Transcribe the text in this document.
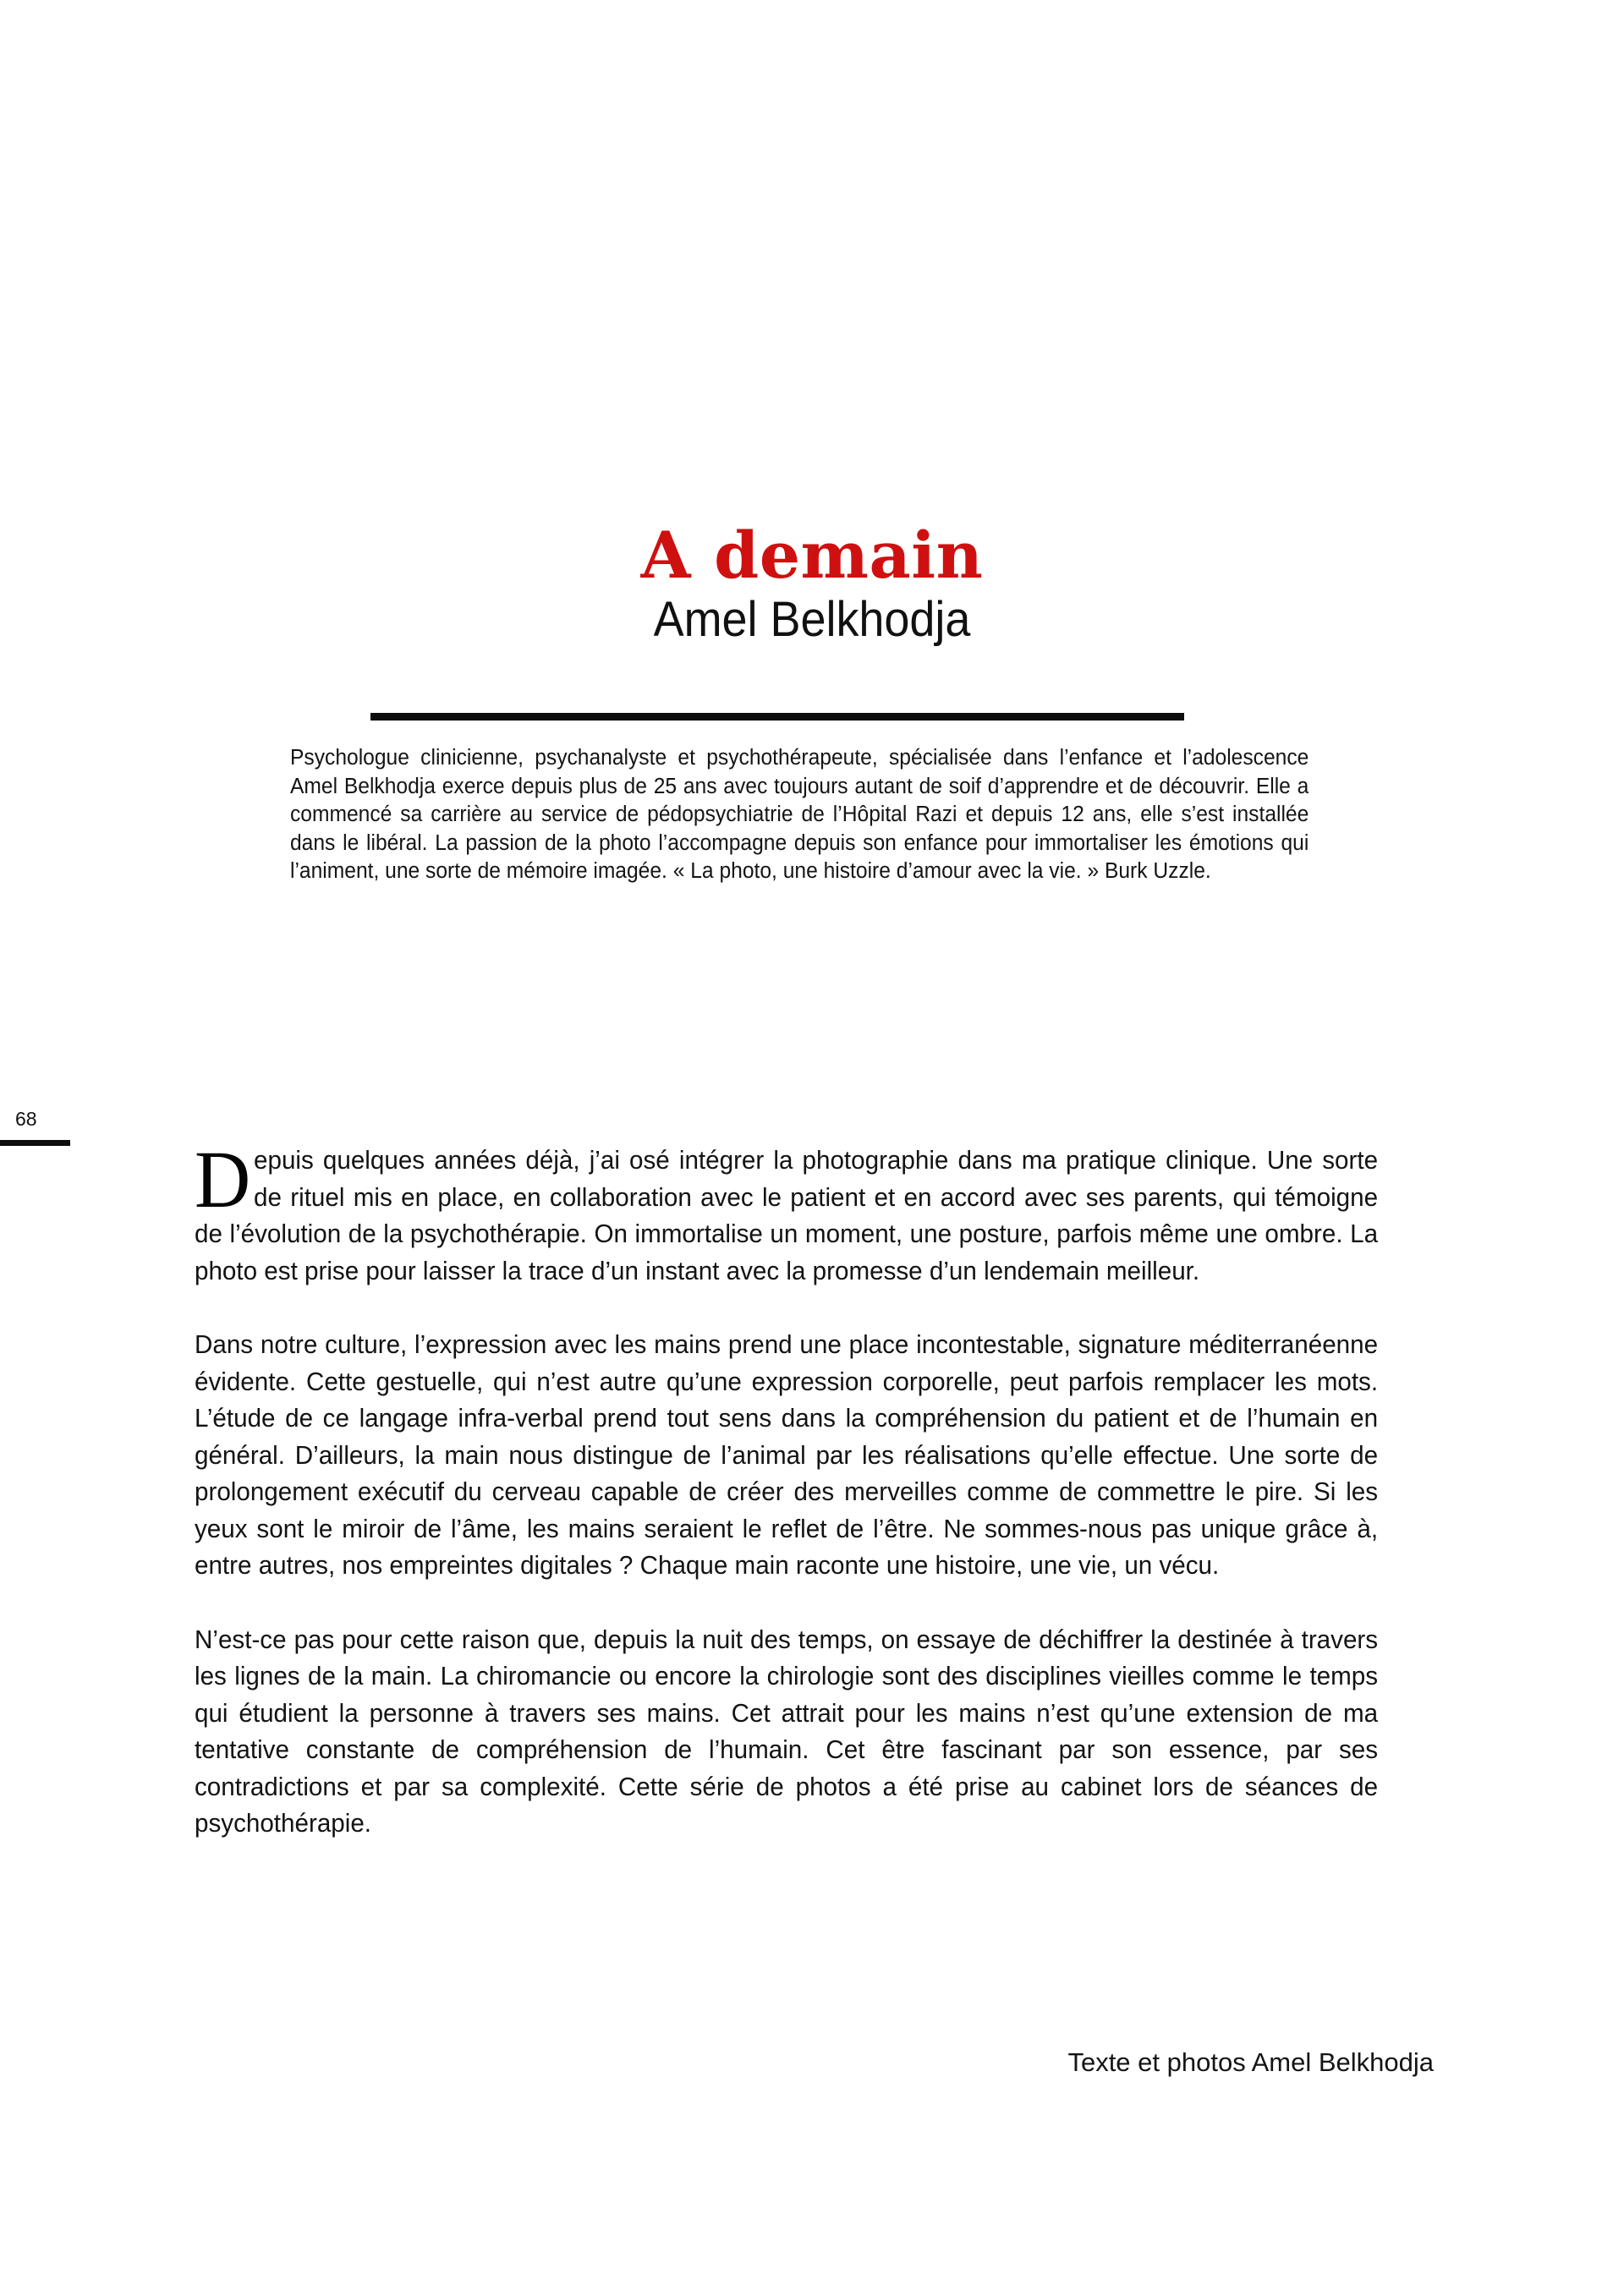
A demain
Amel Belkhodja

Psychologue clinicienne, psychanalyste et psychothérapeute, spécialisée dans l’enfance et l’adolescence Amel Belkhodja exerce depuis plus de 25 ans avec toujours autant de soif d’apprendre et de découvrir. Elle a commencé sa carrière au service de pédopsychiatrie de l’Hôpital Razi et depuis 12 ans, elle s’est installée dans le libéral. La passion de la photo l’accompagne depuis son enfance pour immortaliser les émotions qui l’animent, une sorte de mémoire imagée. « La photo, une histoire d’amour avec la vie. » Burk Uzzle.

68

Depuis quelques années déjà, j’ai osé intégrer la photographie dans ma pratique clinique. Une sorte de rituel mis en place, en collaboration avec le patient et en accord avec ses parents, qui témoigne de l’évolution de la psychothérapie. On immortalise un moment, une posture, parfois même une ombre. La photo est prise pour laisser la trace d’un instant avec la promesse d’un lendemain meilleur.

Dans notre culture, l’expression avec les mains prend une place incontestable, signature méditerranéenne évidente. Cette gestuelle, qui n’est autre qu’une expression corporelle, peut parfois remplacer les mots. L’étude de ce langage infra-verbal prend tout sens dans la compréhension du patient et de l’humain en général. D’ailleurs, la main nous distingue de l’animal par les réalisations qu’elle effectue. Une sorte de prolongement exécutif du cerveau capable de créer des merveilles comme de commettre le pire. Si les yeux sont le miroir de l’âme, les mains seraient le reflet de l’être. Ne sommes-nous pas unique grâce à, entre autres, nos empreintes digitales ? Chaque main raconte une histoire, une vie, un vécu.

N’est-ce pas pour cette raison que, depuis la nuit des temps, on essaye de déchiffrer la destinée à travers les lignes de la main. La chiromancie ou encore la chirologie sont des disciplines vieilles comme le temps qui étudient la personne à travers ses mains. Cet attrait pour les mains n’est qu’une extension de ma tentative constante de compréhension de l’humain. Cet être fascinant par son essence, par ses contradictions et par sa complexité. Cette série de photos a été prise au cabinet lors de séances de psychothérapie.

Texte et photos Amel Belkhodja
